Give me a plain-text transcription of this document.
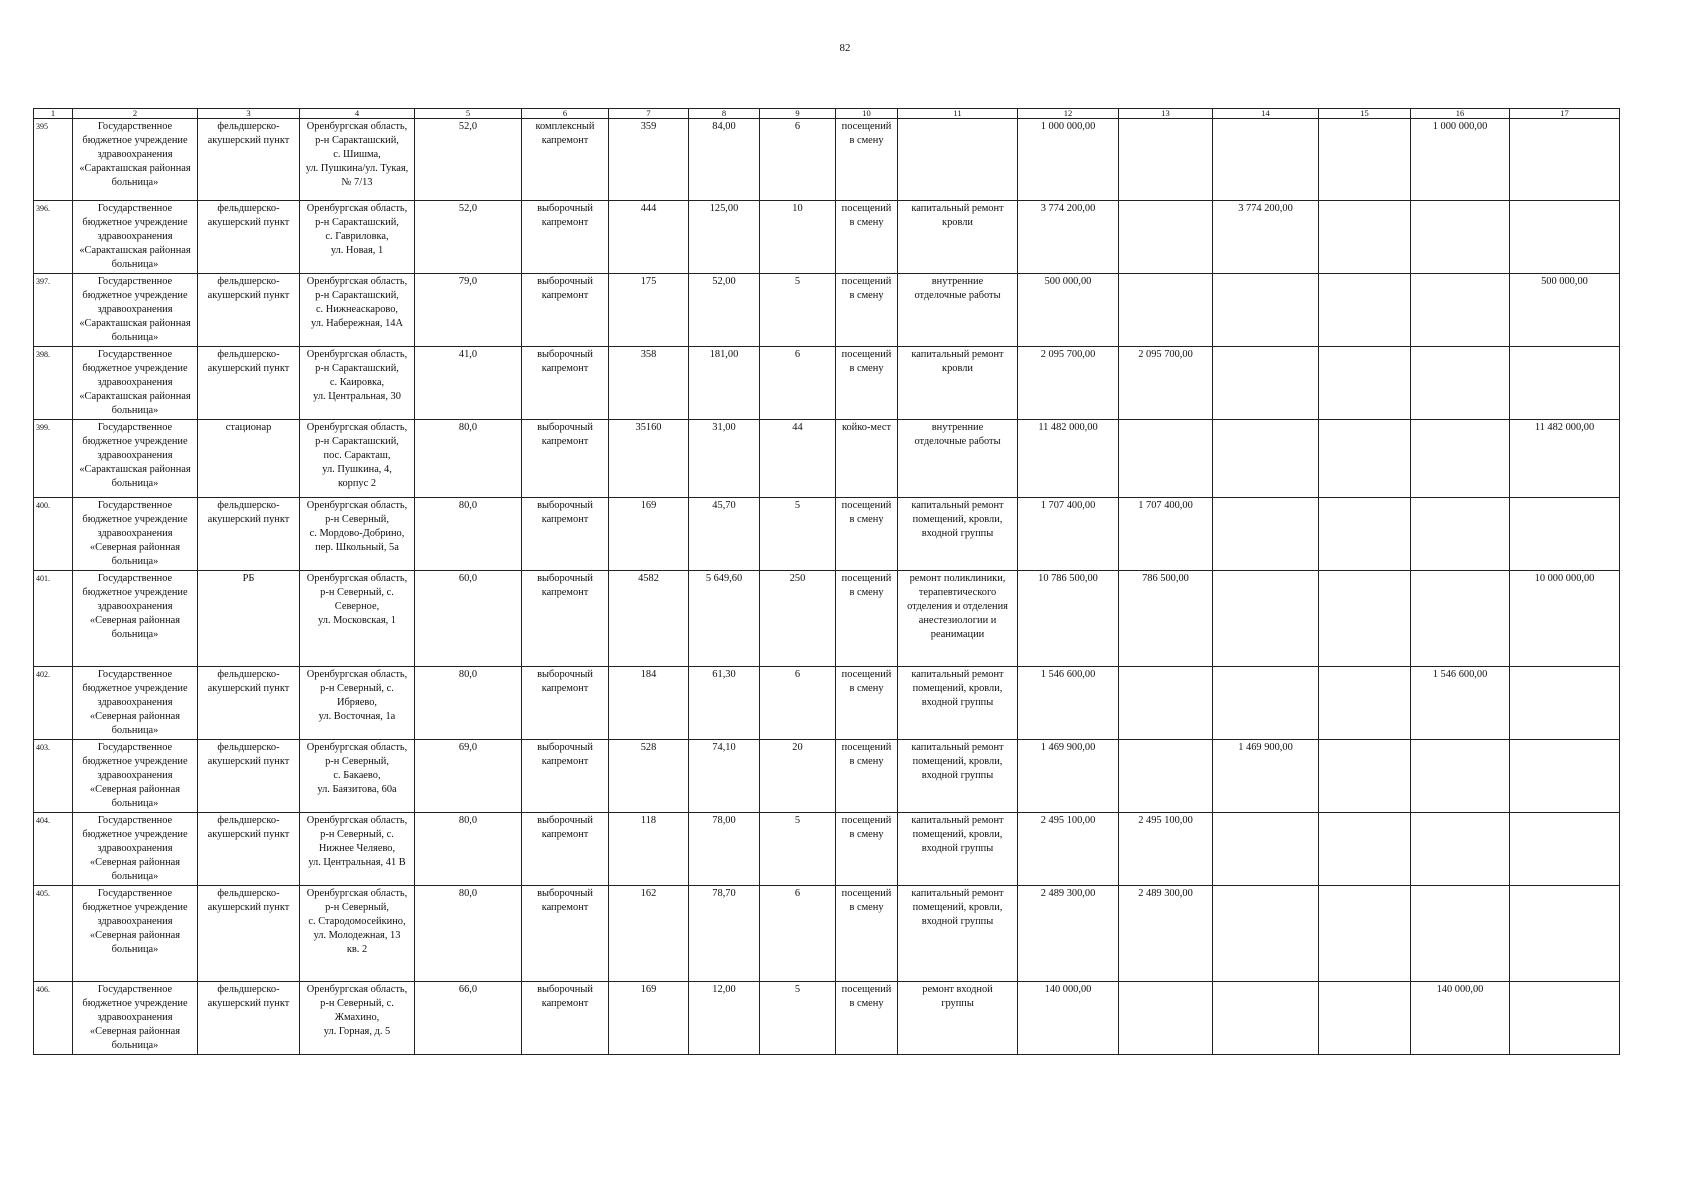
82
1	2	3	4	5	6	7	8	9	10	11	12	13	14	15	16	17
395	Государственное
бюджетное учреждение
здравоохранения
«Саракташская районная
больница»	фельдшерско-
акушерский пункт	Оренбургская область,
р-н Саракташский,
с. Шишма,
ул. Пушкина/ул. Тукая,
№ 7/13	52,0	комплексный
капремонт	359	84,00	6	посещений
в смену		1 000 000,00				1 000 000,00	
396.	Государственное
бюджетное учреждение
здравоохранения
«Саракташская районная
больница»	фельдшерско-
акушерский пункт	Оренбургская область,
р-н Саракташский,
с. Гавриловка,
ул. Новая, 1	52,0	выборочный
капремонт	444	125,00	10	посещений
в смену	капитальный ремонт
кровли	3 774 200,00		3 774 200,00			
397.	Государственное
бюджетное учреждение
здравоохранения
«Саракташская районная
больница»	фельдшерско-
акушерский пункт	Оренбургская область,
р-н Саракташский,
с. Нижнеаскарово,
ул. Набережная, 14А	79,0	выборочный
капремонт	175	52,00	5	посещений
в смену	внутренние
отделочные работы	500 000,00					500 000,00
398.	Государственное
бюджетное учреждение
здравоохранения
«Саракташская районная
больница»	фельдшерско-
акушерский пункт	Оренбургская область,
р-н Саракташский,
с. Каировка,
ул. Центральная, 30	41,0	выборочный
капремонт	358	181,00	6	посещений
в смену	капитальный ремонт
кровли	2 095 700,00	2 095 700,00				
399.	Государственное
бюджетное учреждение
здравоохранения
«Саракташская районная
больница»	стационар	Оренбургская область,
р-н Саракташский,
пос. Саракташ,
ул. Пушкина, 4,
корпус 2	80,0	выборочный
капремонт	35160	31,00	44	койко-мест	внутренние
отделочные работы	11 482 000,00					11 482 000,00
400.	Государственное
бюджетное учреждение
здравоохранения
«Северная районная
больница»	фельдшерско-
акушерский пункт	Оренбургская область,
р-н Северный,
с. Мордово-Добрино,
пер. Школьный, 5а	80,0	выборочный
капремонт	169	45,70	5	посещений
в смену	капитальный ремонт
помещений, кровли,
входной группы	1 707 400,00	1 707 400,00				
401.	Государственное
бюджетное учреждение
здравоохранения
«Северная районная
больница»	РБ	Оренбургская область,
р-н Северный, с.
Северное,
ул. Московская, 1	60,0	выборочный
капремонт	4582	5 649,60	250	посещений
в смену	ремонт поликлиники,
терапевтического
отделения и отделения
анестезиологии и
реанимации	10 786 500,00	786 500,00				10 000 000,00
402.	Государственное
бюджетное учреждение
здравоохранения
«Северная районная
больница»	фельдшерско-
акушерский пункт	Оренбургская область,
р-н Северный, с.
Ибряево,
ул. Восточная, 1а	80,0	выборочный
капремонт	184	61,30	6	посещений
в смену	капитальный ремонт
помещений, кровли,
входной группы	1 546 600,00				1 546 600,00	
403.	Государственное
бюджетное учреждение
здравоохранения
«Северная районная
больница»	фельдшерско-
акушерский пункт	Оренбургская область,
р-н Северный,
с. Бакаево,
ул. Баязитова, 60а	69,0	выборочный
капремонт	528	74,10	20	посещений
в смену	капитальный ремонт
помещений, кровли,
входной группы	1 469 900,00		1 469 900,00			
404.	Государственное
бюджетное учреждение
здравоохранения
«Северная районная
больница»	фельдшерско-
акушерский пункт	Оренбургская область,
р-н Северный, с.
Нижнее Челяево,
ул. Центральная, 41 В	80,0	выборочный
капремонт	118	78,00	5	посещений
в смену	капитальный ремонт
помещений, кровли,
входной группы	2 495 100,00	2 495 100,00				
405.	Государственное
бюджетное учреждение
здравоохранения
«Северная районная
больница»	фельдшерско-
акушерский пункт	Оренбургская область,
р-н Северный,
с. Стародомосейкино,
ул. Молодежная, 13
кв. 2	80,0	выборочный
капремонт	162	78,70	6	посещений
в смену	капитальный ремонт
помещений, кровли,
входной группы	2 489 300,00	2 489 300,00				
406.	Государственное
бюджетное учреждение
здравоохранения
«Северная районная
больница»	фельдшерско-
акушерский пункт	Оренбургская область,
р-н Северный, с.
Жмахино,
ул. Горная, д. 5	66,0	выборочный
капремонт	169	12,00	5	посещений
в смену	ремонт входной
группы	140 000,00				140 000,00	
